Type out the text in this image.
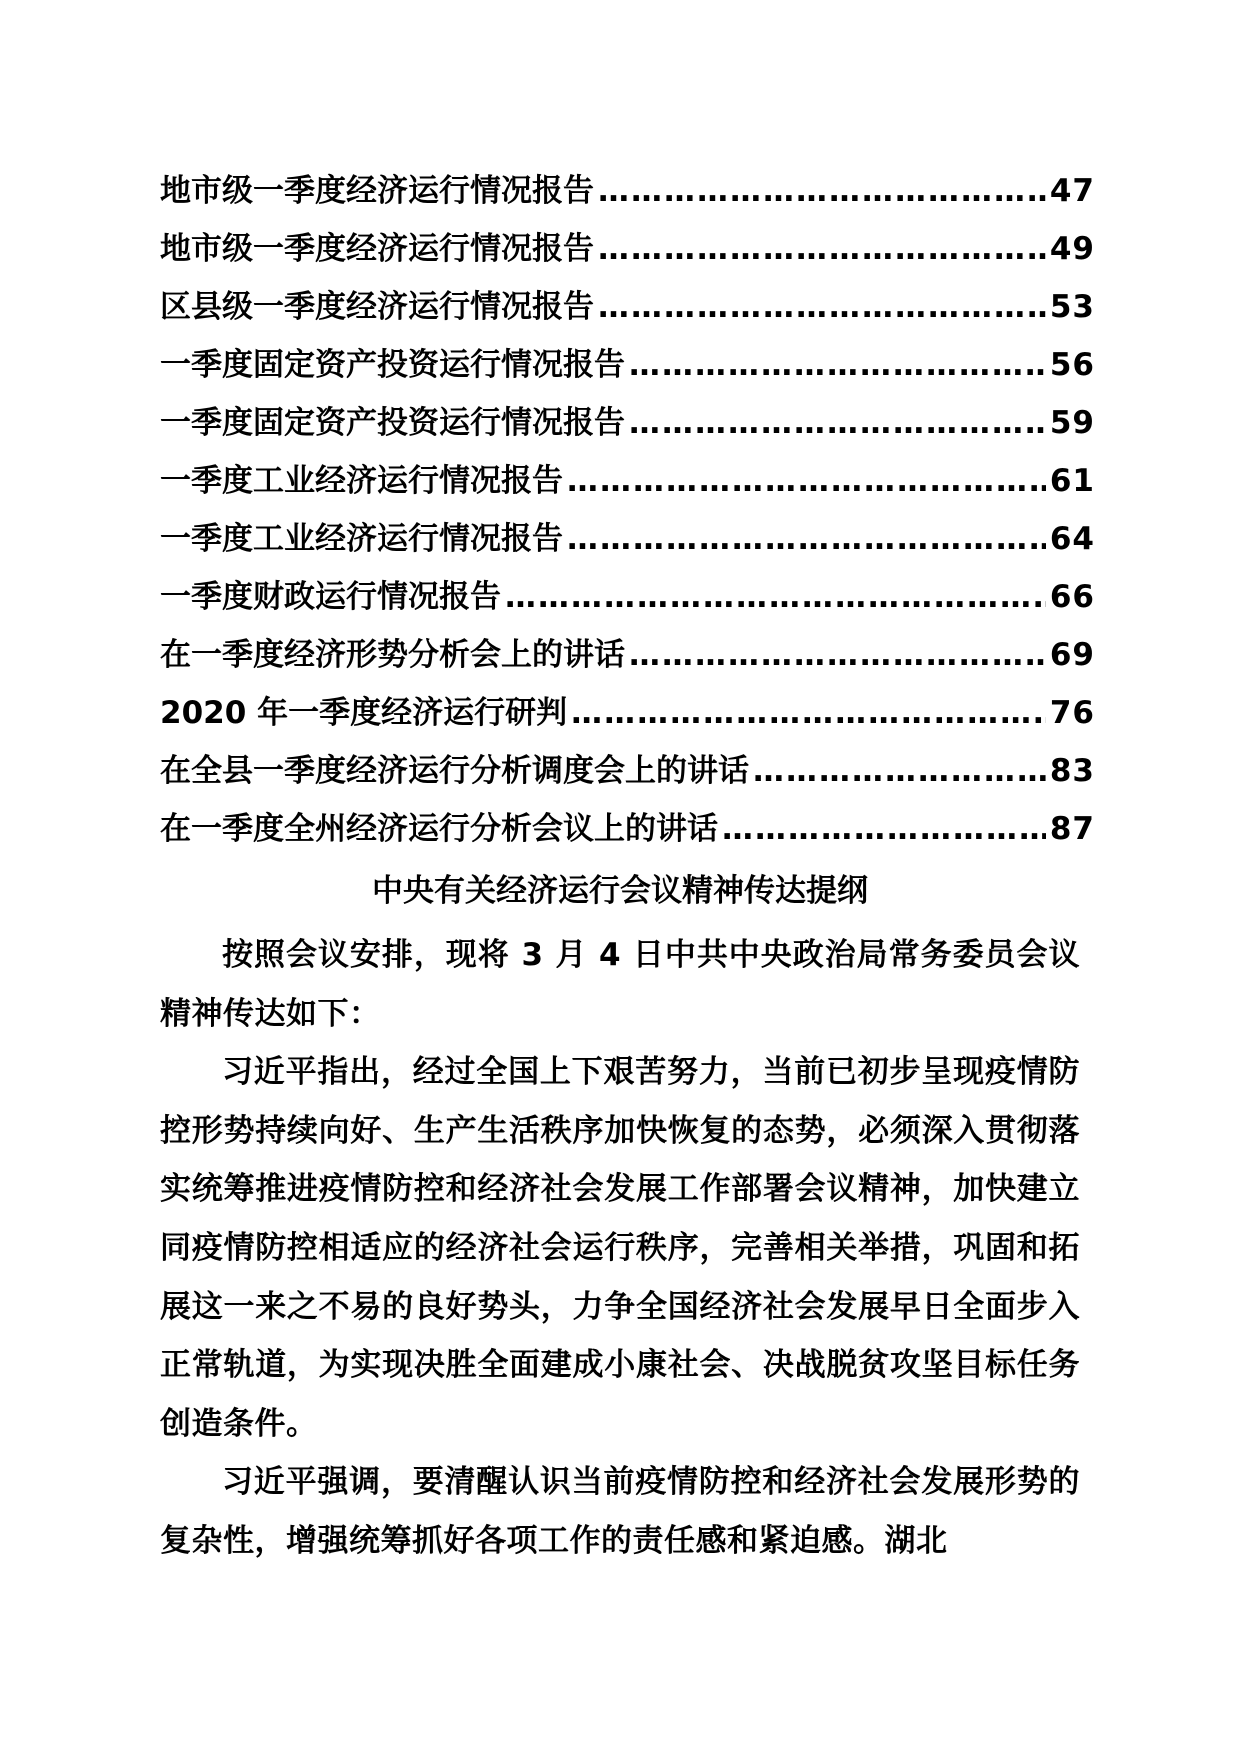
地市级一季度经济运行情况报告 …………………………………………………………………………………………………………………………	47
地市级一季度经济运行情况报告 …………………………………………………………………………………………………………………………	49
区县级一季度经济运行情况报告 …………………………………………………………………………………………………………………………	53
一季度固定资产投资运行情况报告 …………………………………………………………………………………………………………………………	56
一季度固定资产投资运行情况报告 …………………………………………………………………………………………………………………………	59
一季度工业经济运行情况报告 …………………………………………………………………………………………………………………………	61
一季度工业经济运行情况报告 …………………………………………………………………………………………………………………………	64
一季度财政运行情况报告 …………………………………………………………………………………………………………………………	66
在一季度经济形势分析会上的讲话 …………………………………………………………………………………………………………………………	69
2020 年一季度经济运行研判 …………………………………………………………………………………………………………………………	76
在全县一季度经济运行分析调度会上的讲话 …………………………………………………………………………………………………………………………	83
在一季度全州经济运行分析会议上的讲话 …………………………………………………………………………………………………………………………	87
中央有关经济运行会议精神传达提纲

按照会议安排，现将 3 月 4 日中共中央政治局常务委员会议精神传达如下：

习近平指出，经过全国上下艰苦努力，当前已初步呈现疫情防控形势持续向好、生产生活秩序加快恢复的态势，必须深入贯彻落实统筹推进疫情防控和经济社会发展工作部署会议精神，加快建立同疫情防控相适应的经济社会运行秩序，完善相关举措，巩固和拓展这一来之不易的良好势头，力争全国经济社会发展早日全面步入正常轨道，为实现决胜全面建成小康社会、决战脱贫攻坚目标任务创造条件。

习近平强调，要清醒认识当前疫情防控和经济社会发展形势的复杂性，增强统筹抓好各项工作的责任感和紧迫感。湖北
